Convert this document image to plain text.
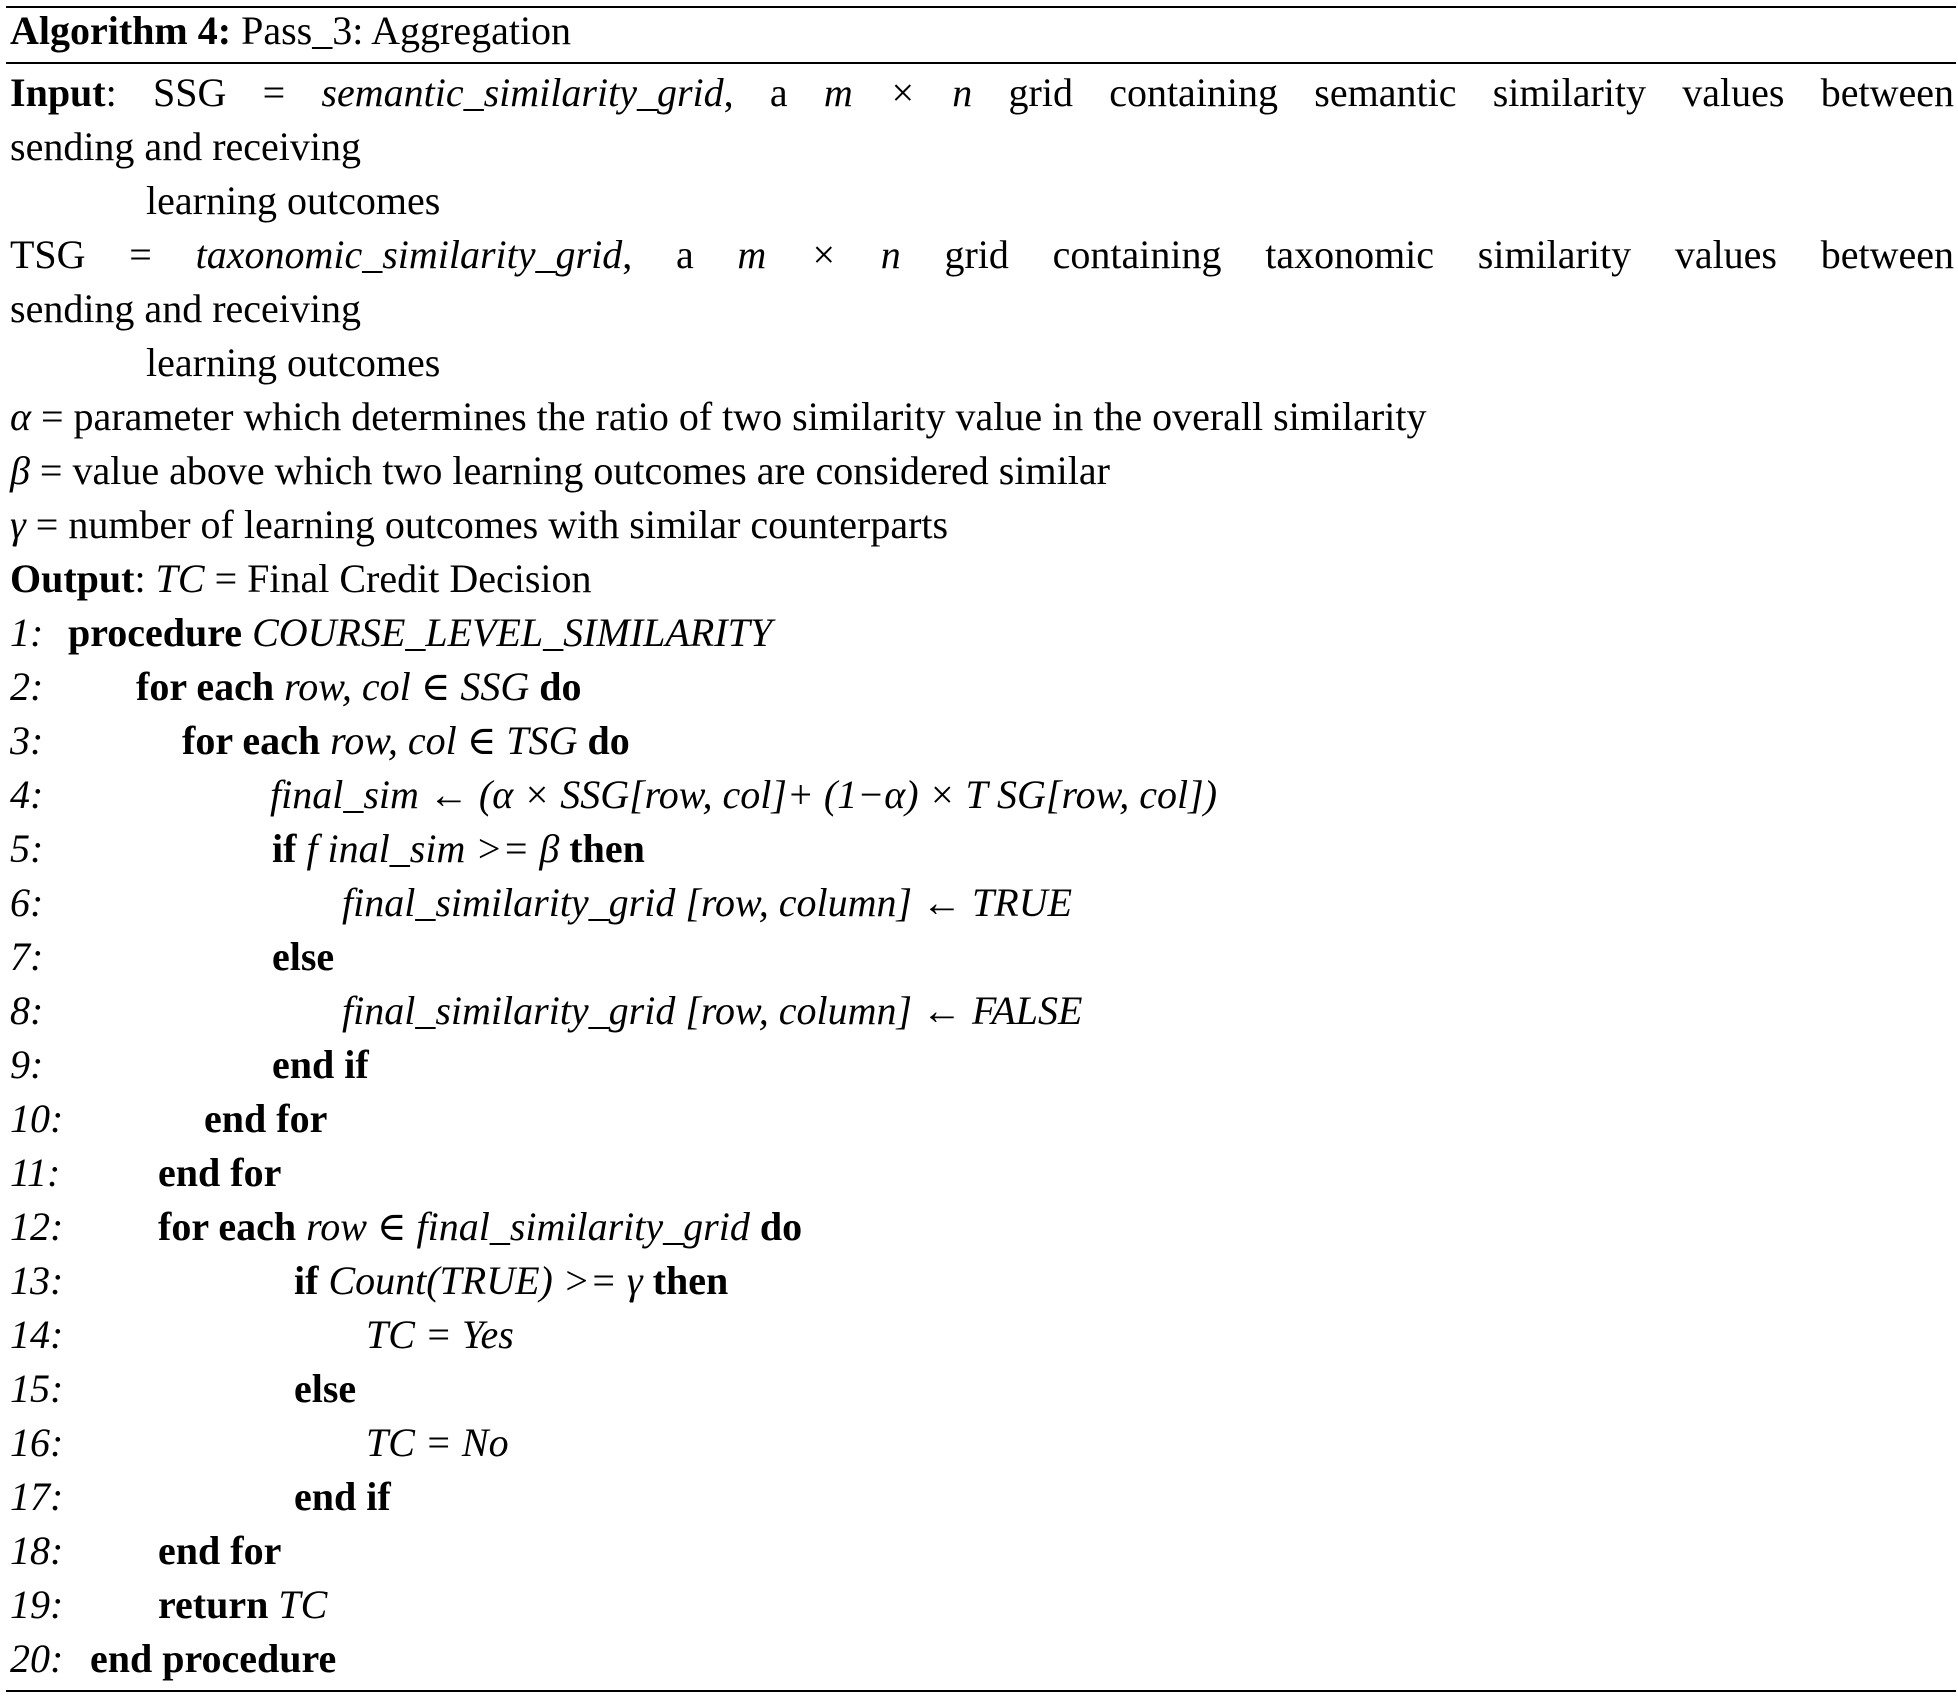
Algorithm 4: Pass_3: Aggregation
Input: SSG = semantic_similarity_grid, a m × n grid containing semantic similarity values between
sending and receiving
learning outcomes
TSG = taxonomic_similarity_grid, a m × n grid containing taxonomic similarity values between
sending and receiving
learning outcomes
α = parameter which determines the ratio of two similarity value in the overall similarity
β = value above which two learning outcomes are considered similar
γ = number of learning outcomes with similar counterparts
Output: TC = Final Credit Decision
1: procedure COURSE_LEVEL_SIMILARITY
2: for each row, col ∈ SSG do
3:	for each row, col ∈ TSG do
4:	final_sim ← (α × SSG[row, col]+ (1−α) × T SG[row, col])
5:	if f inal_sim >= β then
6:	final_similarity_grid [row, column] ← TRUE
7:	else
8:	final_similarity_grid [row, column] ← FALSE
9:	end if
10:	end for
11: end for
12: for each row ∈ final_similarity_grid do
13:	if Count(TRUE) >= γ then
14:	TC = Yes
15:	else
16:	TC = No
17:	end if
18: end for
19: return TC
20: end procedure
